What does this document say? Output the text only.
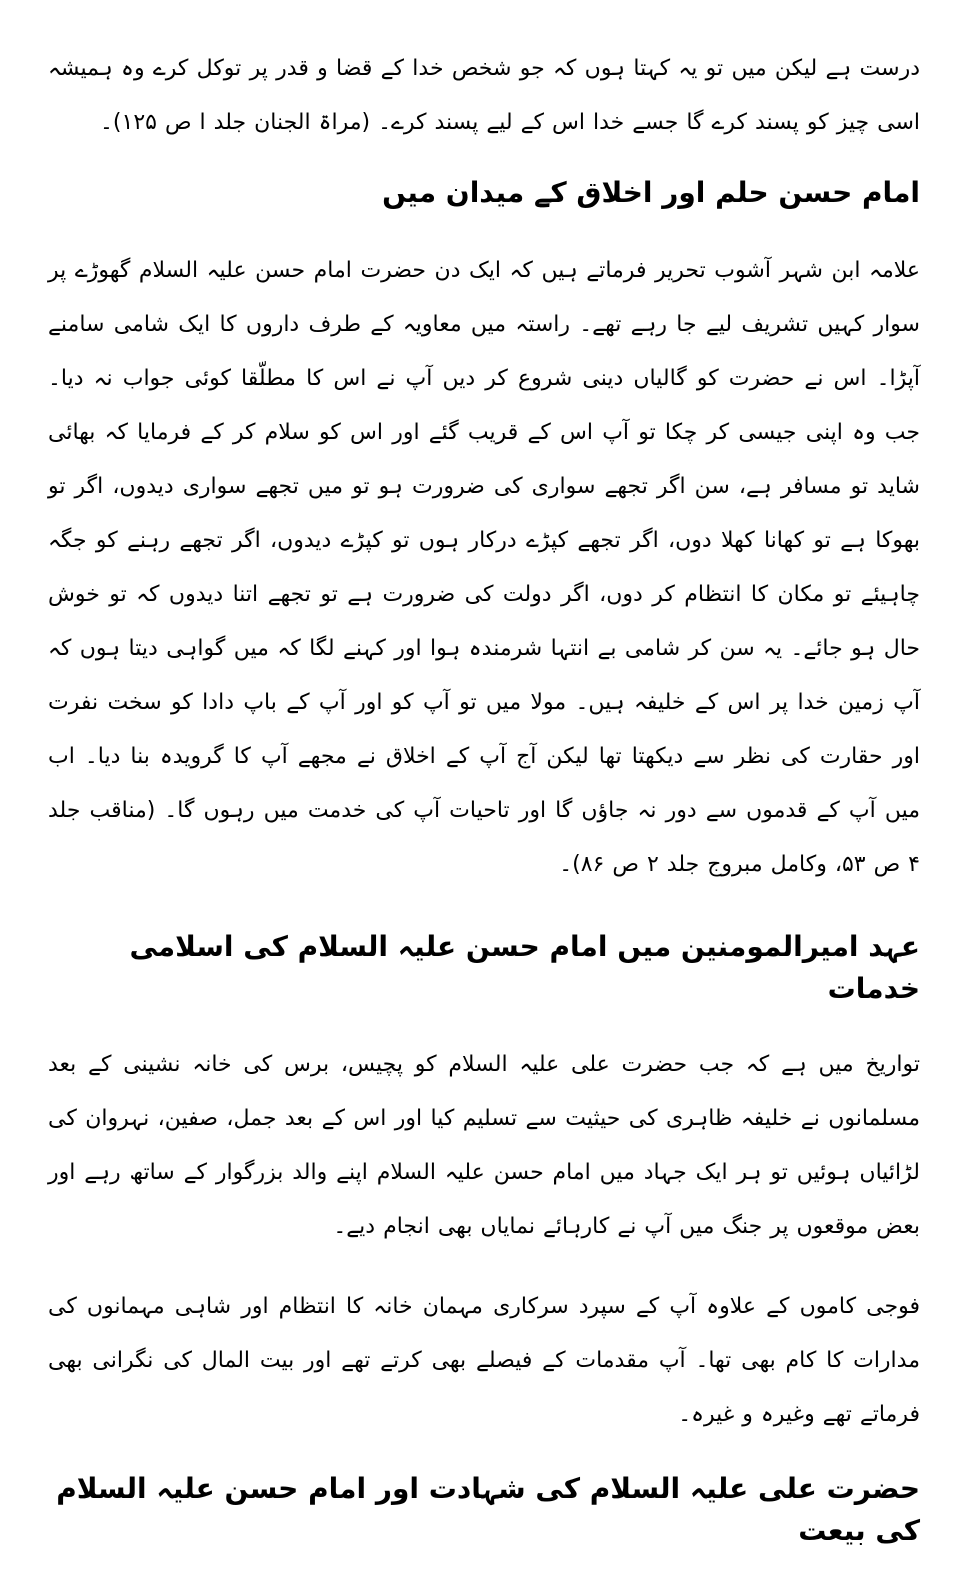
درست ہے لیکن میں تو یہ کہتا ہوں کہ جو شخص خدا کے قضا و قدر پر توکل کرے وہ ہمیشہ اسی چیز کو پسند کرے گا جسے خدا اس کے لیے پسند کرے۔ (مراۃ الجنان جلد ا ص ۱۲۵)۔

امام حسن حلم اور اخلاق کے میدان میں

علامہ ابن شہر آشوب تحریر فرماتے ہیں کہ ایک دن حضرت امام حسن علیہ السلام گھوڑے پر سوار کہیں تشریف لیے جا رہے تھے۔ راستہ میں معاویہ کے طرف داروں کا ایک شامی سامنے آپڑا۔ اس نے حضرت کو گالیاں دینی شروع کر دیں آپ نے اس کا مطلّقا کوئی جواب نہ دیا۔ جب وہ اپنی جیسی کر چکا تو آپ اس کے قریب گئے اور اس کو سلام کر کے فرمایا کہ بھائی شاید تو مسافر ہے، سن اگر تجھے سواری کی ضرورت ہو تو میں تجھے سواری دیدوں، اگر تو بھوکا ہے تو کھانا کھلا دوں، اگر تجھے کپڑے درکار ہوں تو کپڑے دیدوں، اگر تجھے رہنے کو جگہ چاہیئے تو مکان کا انتظام کر دوں، اگر دولت کی ضرورت ہے تو تجھے اتنا دیدوں کہ تو خوش حال ہو جائے۔ یہ سن کر شامی بے انتہا شرمندہ ہوا اور کہنے لگا کہ میں گواہی دیتا ہوں کہ آپ زمین خدا پر اس کے خلیفہ ہیں۔ مولا میں تو آپ کو اور آپ کے باپ دادا کو سخت نفرت اور حقارت کی نظر سے دیکھتا تھا لیکن آج آپ کے اخلاق نے مجھے آپ کا گرویدہ بنا دیا۔ اب میں آپ کے قدموں سے دور نہ جاؤں گا اور تاحیات آپ کی خدمت میں رہوں گا۔ (مناقب جلد ۴ ص ۵۳، وکامل مبروج جلد ۲ ص ۸۶)۔

عہد امیرالمومنین میں امام حسن علیہ السلام کی اسلامی خدمات

تواریخ میں ہے کہ جب حضرت علی علیہ السلام کو پچیس، برس کی خانہ نشینی کے بعد مسلمانوں نے خلیفہ ظاہری کی حیثیت سے تسلیم کیا اور اس کے بعد جمل، صفین، نہروان کی لڑائیاں ہوئیں تو ہر ایک جہاد میں امام حسن علیہ السلام اپنے والد بزرگوار کے ساتھ رہے اور بعض موقعوں پر جنگ میں آپ نے کارہائے نمایاں بھی انجام دیے۔

فوجی کاموں کے علاوہ آپ کے سپرد سرکاری مہمان خانہ کا انتظام اور شاہی مہمانوں کی مدارات کا کام بھی تھا۔ آپ مقدمات کے فیصلے بھی کرتے تھے اور بیت المال کی نگرانی بھی فرماتے تھے وغیرہ و غیرہ۔

حضرت علی علیہ السلام کی شہادت اور امام حسن علیہ السلام کی بیعت
